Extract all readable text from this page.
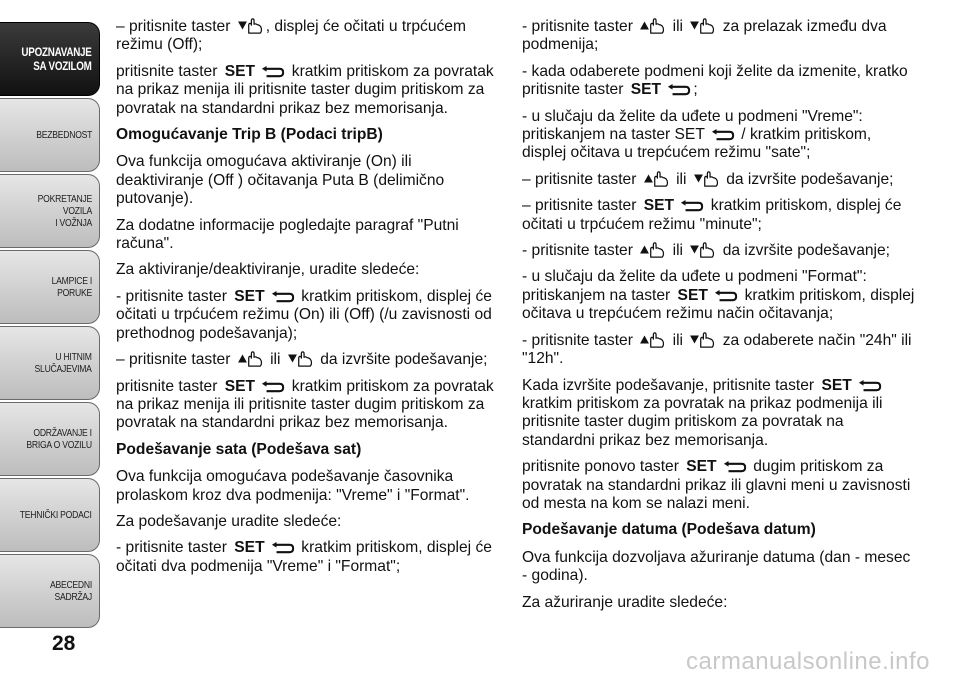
UPOZNAVANJE
SA VOZILOM
BEZBEDNOST
POKRETANJE VOZILA
I VOŽNJA
LAMPICE I PORUKE
U HITNIM
SLUČAJEVIMA
ODRŽAVANJE I
BRIGA O VOZILU
TEHNIČKI PODACI
ABECEDNI SADRŽAJ
28

– pritisnite taster , displej će očitati u trpćućem režimu (Off);

pritisnite taster SET kratkim pritiskom za povratak na prikaz menija ili pritisnite taster dugim pritiskom za povratak na standardni prikaz bez memorisanja.

Omogućavanje Trip B (Podaci tripB)

Ova funkcija omogućava aktiviranje (On) ili deaktiviranje (Off ) očitavanja Puta B (delimično putovanje).

Za dodatne informacije pogledajte paragraf "Putni računa".

Za aktiviranje/deaktiviranje, uradite sledeće:

- pritisnite taster SET kratkim pritiskom, displej će očitati u trpćućem režimu (On) ili (Off) (/u zavisnosti od prethodnog podešavanja);

– pritisnite taster	ili	da izvršite podešavanje;

pritisnite taster SET kratkim pritiskom za povratak na prikaz menija ili pritisnite taster dugim pritiskom za povratak na standardni prikaz bez memorisanja.

Podešavanje sata (Podešava sat)

Ova funkcija omogućava podešavanje časovnika prolaskom kroz dva podmenija: "Vreme" i "Format".

Za podešavanje uradite sledeće:

- pritisnite taster SET kratkim pritiskom, displej će očitati dva podmenija "Vreme" i "Format";

- pritisnite taster	ili	za prelazak između dva podmenija;

- kada odaberete podmeni koji želite da izmenite, kratko pritisnite taster SET ;

- u slučaju da želite da uđete u podmeni "Vreme": pritiskanjem na taster SET / kratkim pritiskom, displej očitava u trepćućem režimu "sate";

– pritisnite taster	ili	da izvršite podešavanje;

– pritisnite taster SET kratkim pritiskom, displej će očitati u trpćućem režimu "minute";

- pritisnite taster	ili	da izvršite podešavanje;

- u slučaju da želite da uđete u podmeni "Format": pritiskanjem na taster SET kratkim pritiskom, displej očitava u trepćućem režimu način očitavanja;

- pritisnite taster	ili	za odaberete način "24h" ili "12h".

Kada izvršite podešavanje, pritisnite taster SET  kratkim pritiskom za povratak na prikaz podmenija ili pritisnite taster dugim pritiskom za povratak na standardni prikaz bez memorisanja.

pritisnite ponovo taster SET dugim pritiskom za povratak na standardni prikaz ili glavni meni u zavisnosti od mesta na kom se nalazi meni.

Podešavanje datuma (Podešava datum)

Ova funkcija dozvoljava ažuriranje datuma (dan - mesec - godina).

Za ažuriranje uradite sledeće:

carmanualsonline.info
